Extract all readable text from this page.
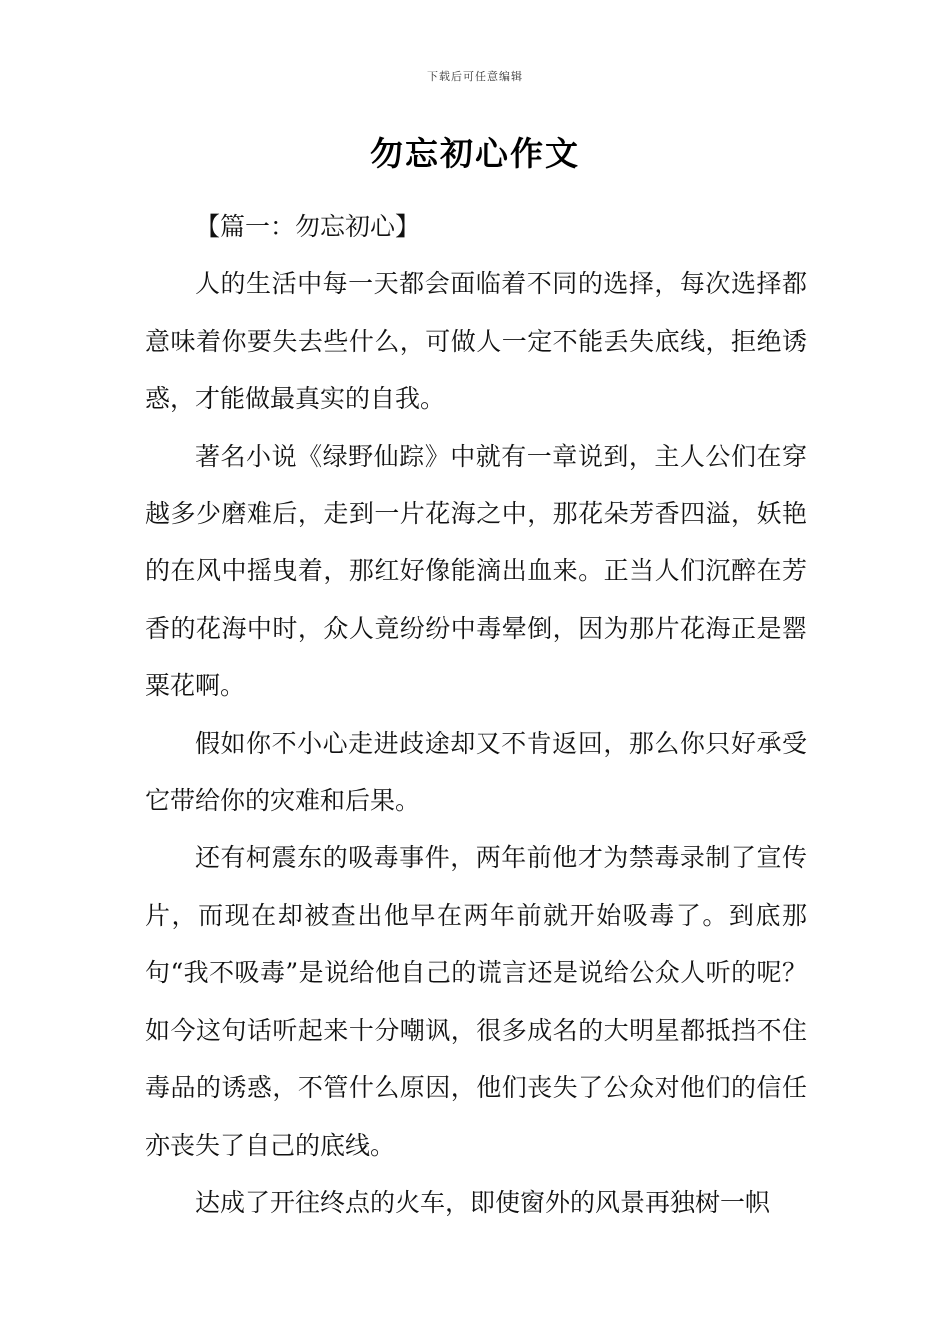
下载后可任意编辑
勿忘初心作文
【篇一：勿忘初心】

人的生活中每一天都会面临着不同的选择，每次选择都意味着你要失去些什么，可做人一定不能丢失底线，拒绝诱惑，才能做最真实的自我。

著名小说《绿野仙踪》中就有一章说到，主人公们在穿越多少磨难后，走到一片花海之中，那花朵芳香四溢，妖艳的在风中摇曳着，那红好像能滴出血来。正当人们沉醉在芳香的花海中时，众人竟纷纷中毒晕倒，因为那片花海正是罂粟花啊。

假如你不小心走进歧途却又不肯返回，那么你只好承受它带给你的灾难和后果。

还有柯震东的吸毒事件，两年前他才为禁毒录制了宣传片，而现在却被查出他早在两年前就开始吸毒了。到底那句“我不吸毒”是说给他自己的谎言还是说给公众人听的呢？如今这句话听起来十分嘲讽，很多成名的大明星都抵挡不住毒品的诱惑，不管什么原因，他们丧失了公众对他们的信任亦丧失了自己的底线。

达成了开往终点的火车，即使窗外的风景再独树一帜
